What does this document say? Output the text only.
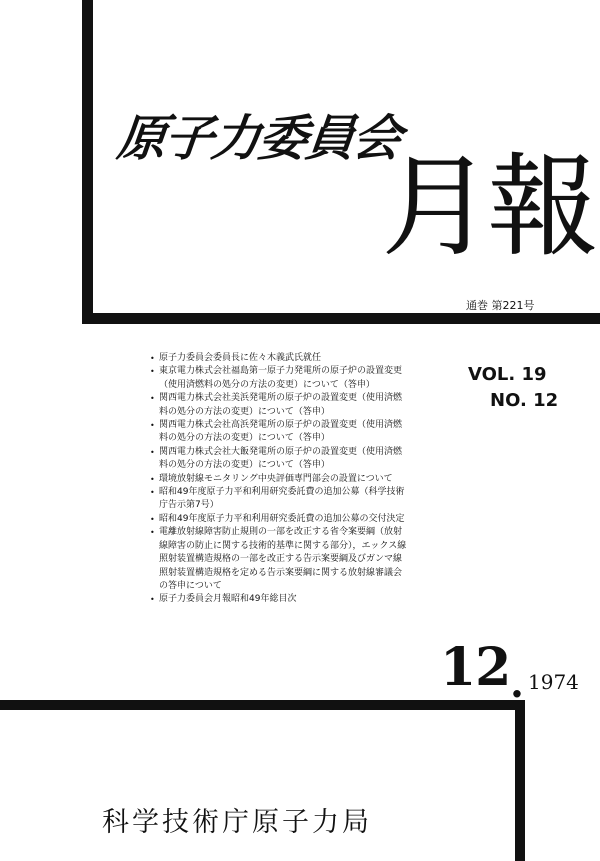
原子力委員会
月報
通巻 第221号
VOL. 19
NO. 12
• 原子力委員会委員長に佐々木義武氏就任
• 東京電力株式会社福島第一原子力発電所の原子炉の設置変更（使用済燃料の処分の方法の変更）について（答申）
• 関西電力株式会社美浜発電所の原子炉の設置変更（使用済燃料の処分の方法の変更）について（答申）
• 関西電力株式会社高浜発電所の原子炉の設置変更（使用済燃料の処分の方法の変更）について（答申）
• 関西電力株式会社大飯発電所の原子炉の設置変更（使用済燃料の処分の方法の変更）について（答申）
• 環境放射線モニタリング中央評価専門部会の設置について
• 昭和49年度原子力平和利用研究委託費の追加公募（科学技術庁告示第7号）
• 昭和49年度原子力平和利用研究委託費の追加公募の交付決定
• 電離放射線障害防止規則の一部を改正する省令案要綱（放射線障害の防止に関する技術的基準に関する部分），エックス線照射装置構造規格の一部を改正する告示案要綱及びガンマ線照射装置構造規格を定める告示案要綱に関する放射線審議会の答申について
• 原子力委員会月報昭和49年総目次
12 . 1974
科学技術庁原子力局
